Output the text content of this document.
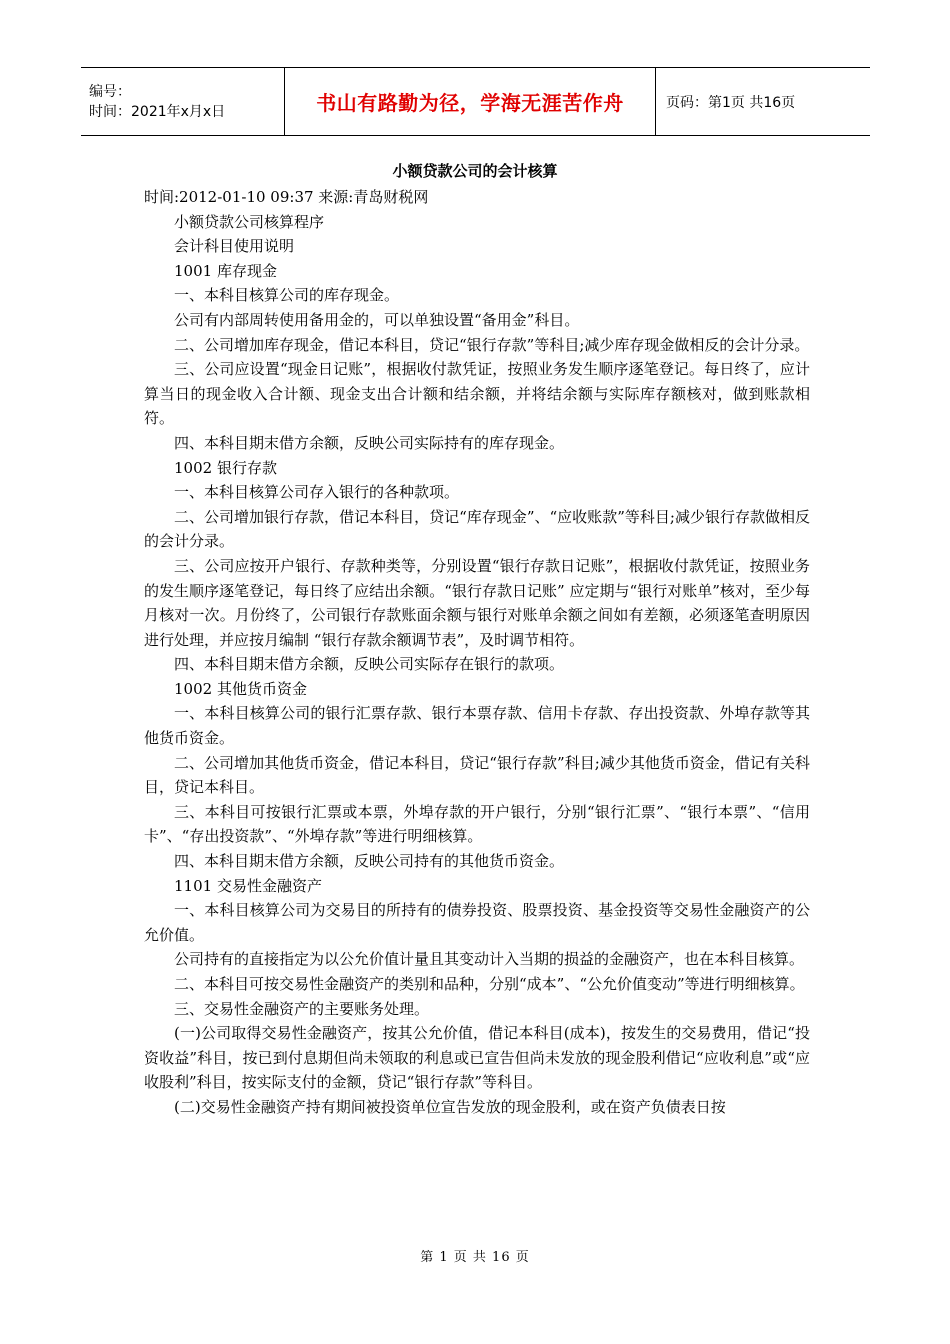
编号：
时间：2021年x月x日	书山有路勤为径，学海无涯苦作舟	页码：第1页 共16页
小额贷款公司的会计核算

时间:2012-01-10 09:37 来源:青岛财税网

小额贷款公司核算程序

会计科目使用说明

1001 库存现金

一、本科目核算公司的库存现金。

公司有内部周转使用备用金的，可以单独设置“备用金”科目。

二、公司增加库存现金，借记本科目，贷记“银行存款”等科目;减少库存现金做相反的会计分录。

三、公司应设置“现金日记账”，根据收付款凭证，按照业务发生顺序逐笔登记。每日终了，应计算当日的现金收入合计额、现金支出合计额和结余额，并将结余额与实际库存额核对，做到账款相符。

四、本科目期末借方余额，反映公司实际持有的库存现金。

1002 银行存款

一、本科目核算公司存入银行的各种款项。

二、公司增加银行存款，借记本科目，贷记“库存现金”、“应收账款”等科目;减少银行存款做相反的会计分录。

三、公司应按开户银行、存款种类等，分别设置“银行存款日记账”，根据收付款凭证，按照业务的发生顺序逐笔登记，每日终了应结出余额。“银行存款日记账” 应定期与“银行对账单”核对，至少每月核对一次。月份终了，公司银行存款账面余额与银行对账单余额之间如有差额，必须逐笔查明原因进行处理，并应按月编制 “银行存款余额调节表”，及时调节相符。

四、本科目期末借方余额，反映公司实际存在银行的款项。

1002 其他货币资金

一、本科目核算公司的银行汇票存款、银行本票存款、信用卡存款、存出投资款、外埠存款等其他货币资金。

二、公司增加其他货币资金，借记本科目，贷记“银行存款”科目;减少其他货币资金，借记有关科目，贷记本科目。

三、本科目可按银行汇票或本票，外埠存款的开户银行，分别“银行汇票”、“银行本票”、“信用卡”、“存出投资款”、“外埠存款”等进行明细核算。

四、本科目期末借方余额，反映公司持有的其他货币资金。

1101 交易性金融资产

一、本科目核算公司为交易目的所持有的债券投资、股票投资、基金投资等交易性金融资产的公允价值。

公司持有的直接指定为以公允价值计量且其变动计入当期的损益的金融资产，也在本科目核算。

二、本科目可按交易性金融资产的类别和品种，分别“成本”、“公允价值变动”等进行明细核算。

三、交易性金融资产的主要账务处理。

(一)公司取得交易性金融资产，按其公允价值，借记本科目(成本)，按发生的交易费用，借记“投资收益”科目，按已到付息期但尚未领取的利息或已宣告但尚未发放的现金股利借记“应收利息”或“应收股利”科目，按实际支付的金额，贷记“银行存款”等科目。

(二)交易性金融资产持有期间被投资单位宣告发放的现金股利，或在资产负债表日按

第 1 页 共 16 页
